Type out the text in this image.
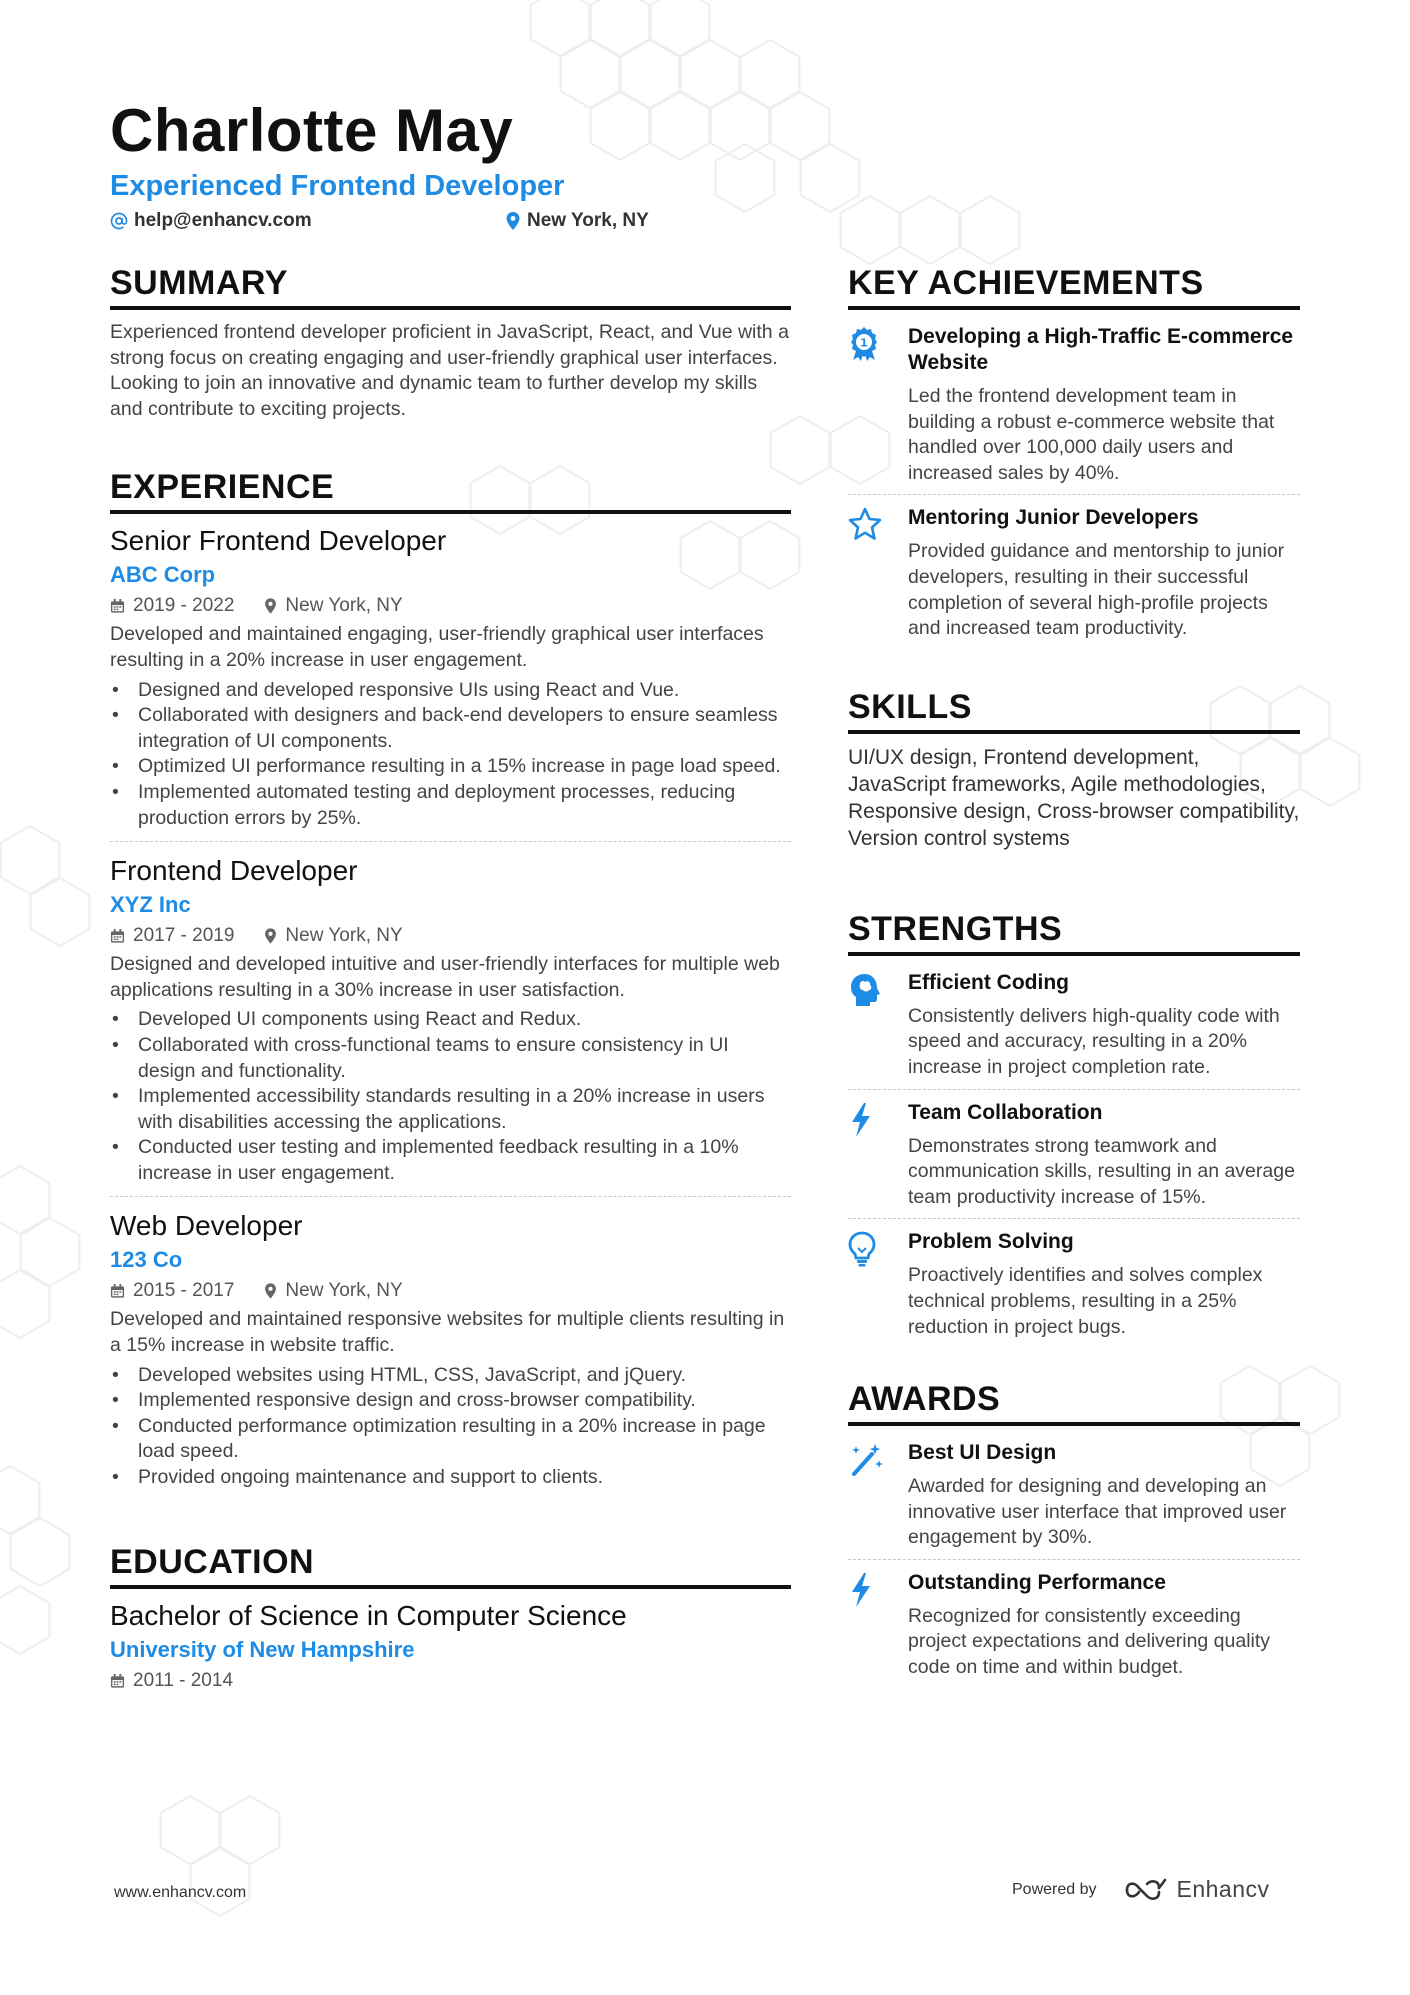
Charlotte May
Experienced Frontend Developer
help@enhancv.com	New York, NY
SUMMARY
Experienced frontend developer proficient in JavaScript, React, and Vue with a strong focus on creating engaging and user-friendly graphical user interfaces. Looking to join an innovative and dynamic team to further develop my skills and contribute to exciting projects.
EXPERIENCE
Senior Frontend Developer
ABC Corp
2019 - 2022	New York, NY
Developed and maintained engaging, user-friendly graphical user interfaces resulting in a 20% increase in user engagement.
• Designed and developed responsive UIs using React and Vue.
• Collaborated with designers and back-end developers to ensure seamless integration of UI components.
• Optimized UI performance resulting in a 15% increase in page load speed.
• Implemented automated testing and deployment processes, reducing production errors by 25%.
Frontend Developer
XYZ Inc
2017 - 2019	New York, NY
Designed and developed intuitive and user-friendly interfaces for multiple web applications resulting in a 30% increase in user satisfaction.
• Developed UI components using React and Redux.
• Collaborated with cross-functional teams to ensure consistency in UI design and functionality.
• Implemented accessibility standards resulting in a 20% increase in users with disabilities accessing the applications.
• Conducted user testing and implemented feedback resulting in a 10% increase in user engagement.
Web Developer
123 Co
2015 - 2017	New York, NY
Developed and maintained responsive websites for multiple clients resulting in a 15% increase in website traffic.
• Developed websites using HTML, CSS, JavaScript, and jQuery.
• Implemented responsive design and cross-browser compatibility.
• Conducted performance optimization resulting in a 20% increase in page load speed.
• Provided ongoing maintenance and support to clients.
EDUCATION
Bachelor of Science in Computer Science
University of New Hampshire
2011 - 2014
KEY ACHIEVEMENTS
1 Developing a High-Traffic E-commerce Website
Led the frontend development team in building a robust e-commerce website that handled over 100,000 daily users and increased sales by 40%.
Mentoring Junior Developers
Provided guidance and mentorship to junior developers, resulting in their successful completion of several high-profile projects and increased team productivity.
SKILLS
UI/UX design, Frontend development, JavaScript frameworks, Agile methodologies, Responsive design, Cross-browser compatibility, Version control systems
STRENGTHS
Efficient Coding
Consistently delivers high-quality code with speed and accuracy, resulting in a 20% increase in project completion rate.
Team Collaboration
Demonstrates strong teamwork and communication skills, resulting in an average team productivity increase of 15%.
Problem Solving
Proactively identifies and solves complex technical problems, resulting in a 25% reduction in project bugs.
AWARDS
Best UI Design
Awarded for designing and developing an innovative user interface that improved user engagement by 30%.
Outstanding Performance
Recognized for consistently exceeding project expectations and delivering quality code on time and within budget.
www.enhancv.com	Powered by	Enhancv
